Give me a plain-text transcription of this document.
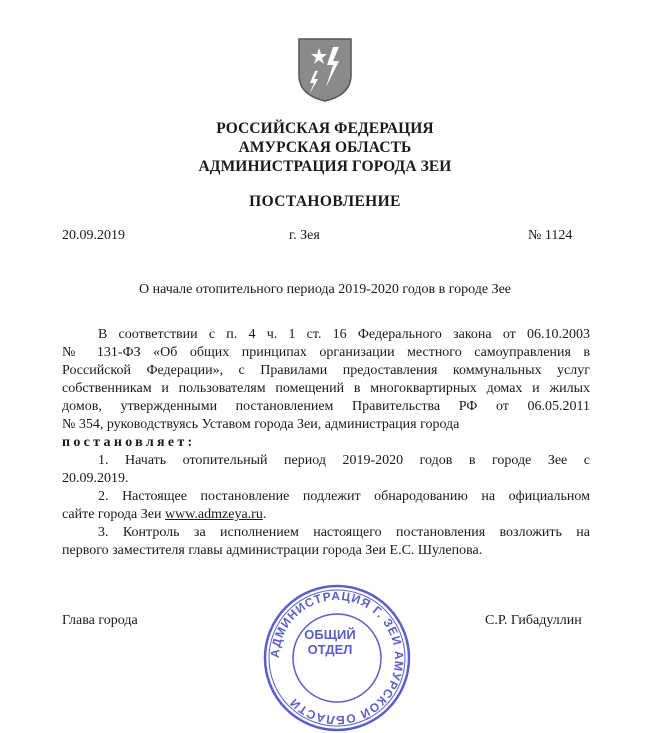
РОССИЙСКАЯ ФЕДЕРАЦИЯ
АМУРСКАЯ ОБЛАСТЬ
АДМИНИСТРАЦИЯ ГОРОДА ЗЕИ
ПОСТАНОВЛЕНИЕ
20.09.2019	г. Зея	№ 1124
О начале отопительного периода 2019-2020 годов в городе Зее
В соответствии с п. 4 ч. 1 ст. 16 Федерального закона от 06.10.2003
№ 131-ФЗ «Об общих принципах организации местного самоуправления в
Российской Федерации», с Правилами предоставления коммунальных услуг
собственникам и пользователям помещений в многоквартирных домах и жилых
домов, утвержденными постановлением Правительства РФ от 06.05.2011
№ 354, руководствуясь Уставом города Зеи, администрация города
постановляет:
1. Начать отопительный период 2019-2020 годов в городе Зее с
20.09.2019.
2. Настоящее постановление подлежит обнародованию на официальном
сайте города Зеи www.admzeya.ru.
3. Контроль за исполнением настоящего постановления возложить на
первого заместителя главы администрации города Зеи Е.С. Шулепова.
АДМИНИСТРАЦИЯ Г. ЗЕИ АМУРСКОЙ ОБЛАСТИ
ОБЩИЙ
ОТДЕЛ
Глава города	С.Р. Гибадуллин
